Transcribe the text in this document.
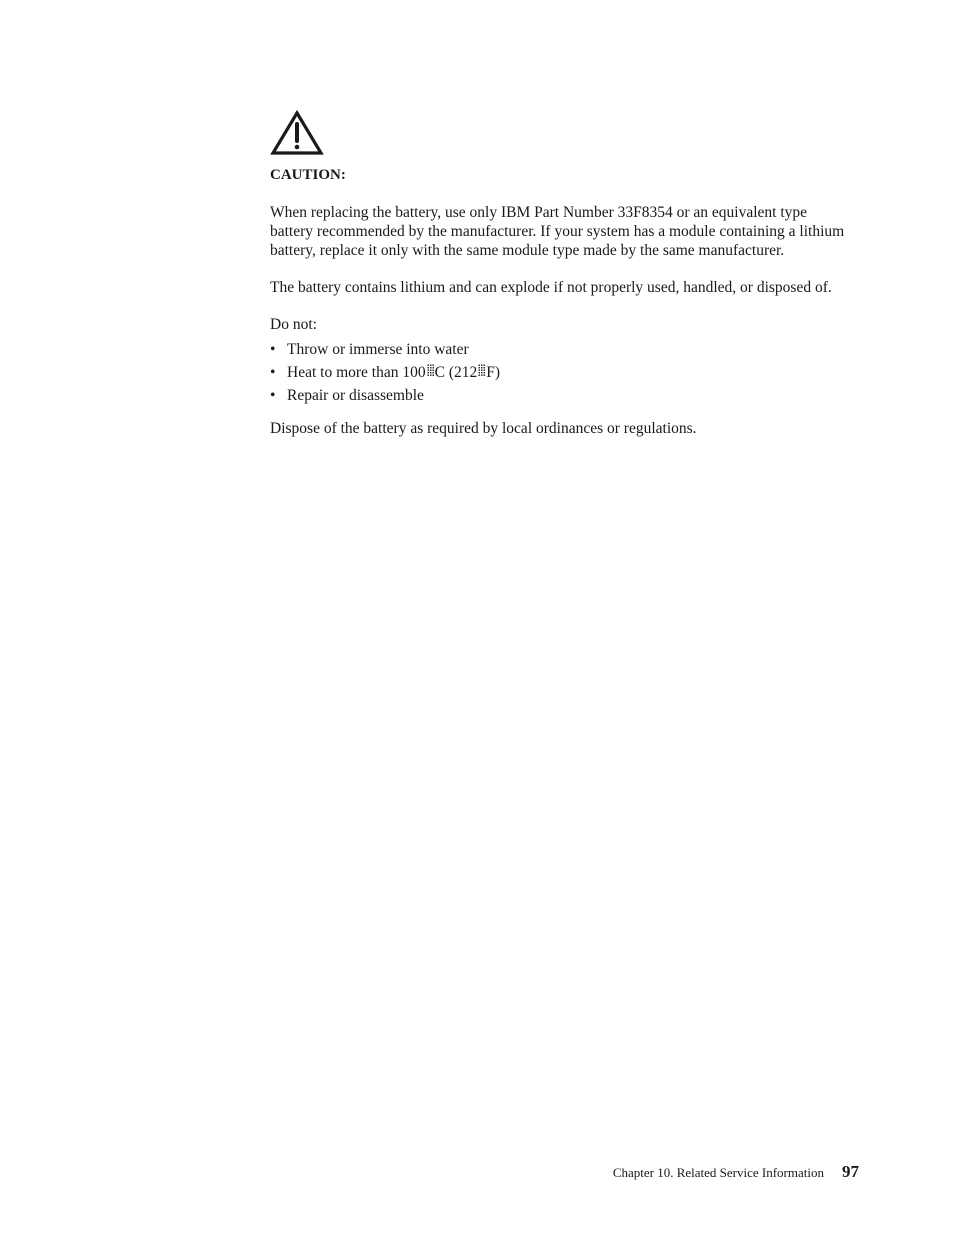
CAUTION:

When replacing the battery, use only IBM Part Number 33F8354 or an equivalent type battery recommended by the manufacturer. If your system has a module containing a lithium battery, replace it only with the same module type made by the same manufacturer.

The battery contains lithium and can explode if not properly used, handled, or disposed of.

Do not:

• Throw or immerse into water
• Heat to more than 100 C (212 F)
• Repair or disassemble

Dispose of the battery as required by local ordinances or regulations.

Chapter 10. Related Service Information 97
